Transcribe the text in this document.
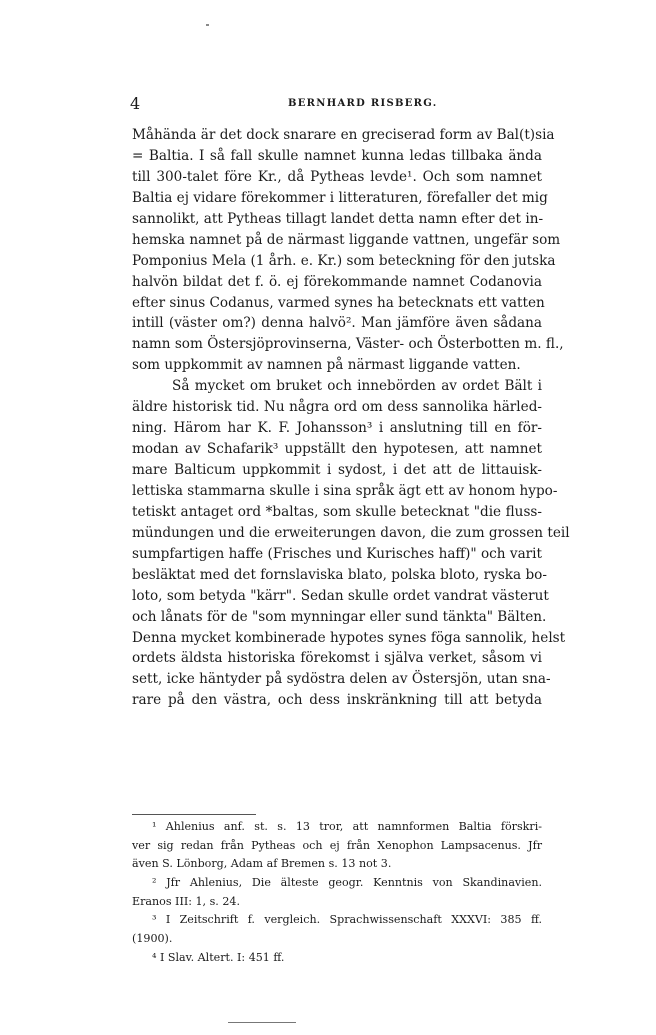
4	BERNHARD RISBERG.
Måhända är det dock snarare en greciserad form av Bal(t)sia
= Baltia. I så fall skulle namnet kunna ledas tillbaka ända
till 300-talet före Kr., då Pytheas levde¹. Och som namnet
Baltia ej vidare förekommer i litteraturen, förefaller det mig
sannolikt, att Pytheas tillagt landet detta namn efter det in-
hemska namnet på de närmast liggande vattnen, ungefär som
Pomponius Mela (1 årh. e. Kr.) som beteckning för den jutska
halvön bildat det f. ö. ej förekommande namnet Codanovia
efter sinus Codanus, varmed synes ha betecknats ett vatten
intill (väster om?) denna halvö². Man jämföre även sådana
namn som Östersjöprovinserna, Väster- och Österbotten m. fl.,
som uppkommit av namnen på närmast liggande vatten.
Så mycket om bruket och innebörden av ordet Bält i
äldre historisk tid. Nu några ord om dess sannolika härled-
ning. Härom har K. F. Johansson³ i anslutning till en för-
modan av Schafarik³ uppställt den hypotesen, att namnet
mare Balticum uppkommit i sydost, i det att de littauisk-
lettiska stammarna skulle i sina språk ägt ett av honom hypo-
tetiskt antaget ord *baltas, som skulle betecknat "die fluss-
mündungen und die erweiterungen davon, die zum grossen teil
sumpfartigen haffe (Frisches und Kurisches haff)" och varit
besläktat med det fornslaviska blato, polska bloto, ryska bo-
loto, som betyda "kärr". Sedan skulle ordet vandrat västerut
och lånats för de "som mynningar eller sund tänkta" Bälten.
Denna mycket kombinerade hypotes synes föga sannolik, helst
ordets äldsta historiska förekomst i själva verket, såsom vi
sett, icke häntyder på sydöstra delen av Östersjön, utan sna-
rare på den västra, och dess inskränkning till att betyda
¹ Ahlenius anf. st. s. 13 tror, att namnformen Baltia förskri-
ver sig redan från Pytheas och ej från Xenophon Lampsacenus. Jfr
även S. Lönborg, Adam af Bremen s. 13 not 3.
² Jfr Ahlenius, Die älteste geogr. Kenntnis von Skandinavien.
Eranos III: 1, s. 24.
³ I Zeitschrift f. vergleich. Sprachwissenschaft XXXVI: 385 ff.
(1900).
⁴ I Slav. Altert. I: 451 ff.
